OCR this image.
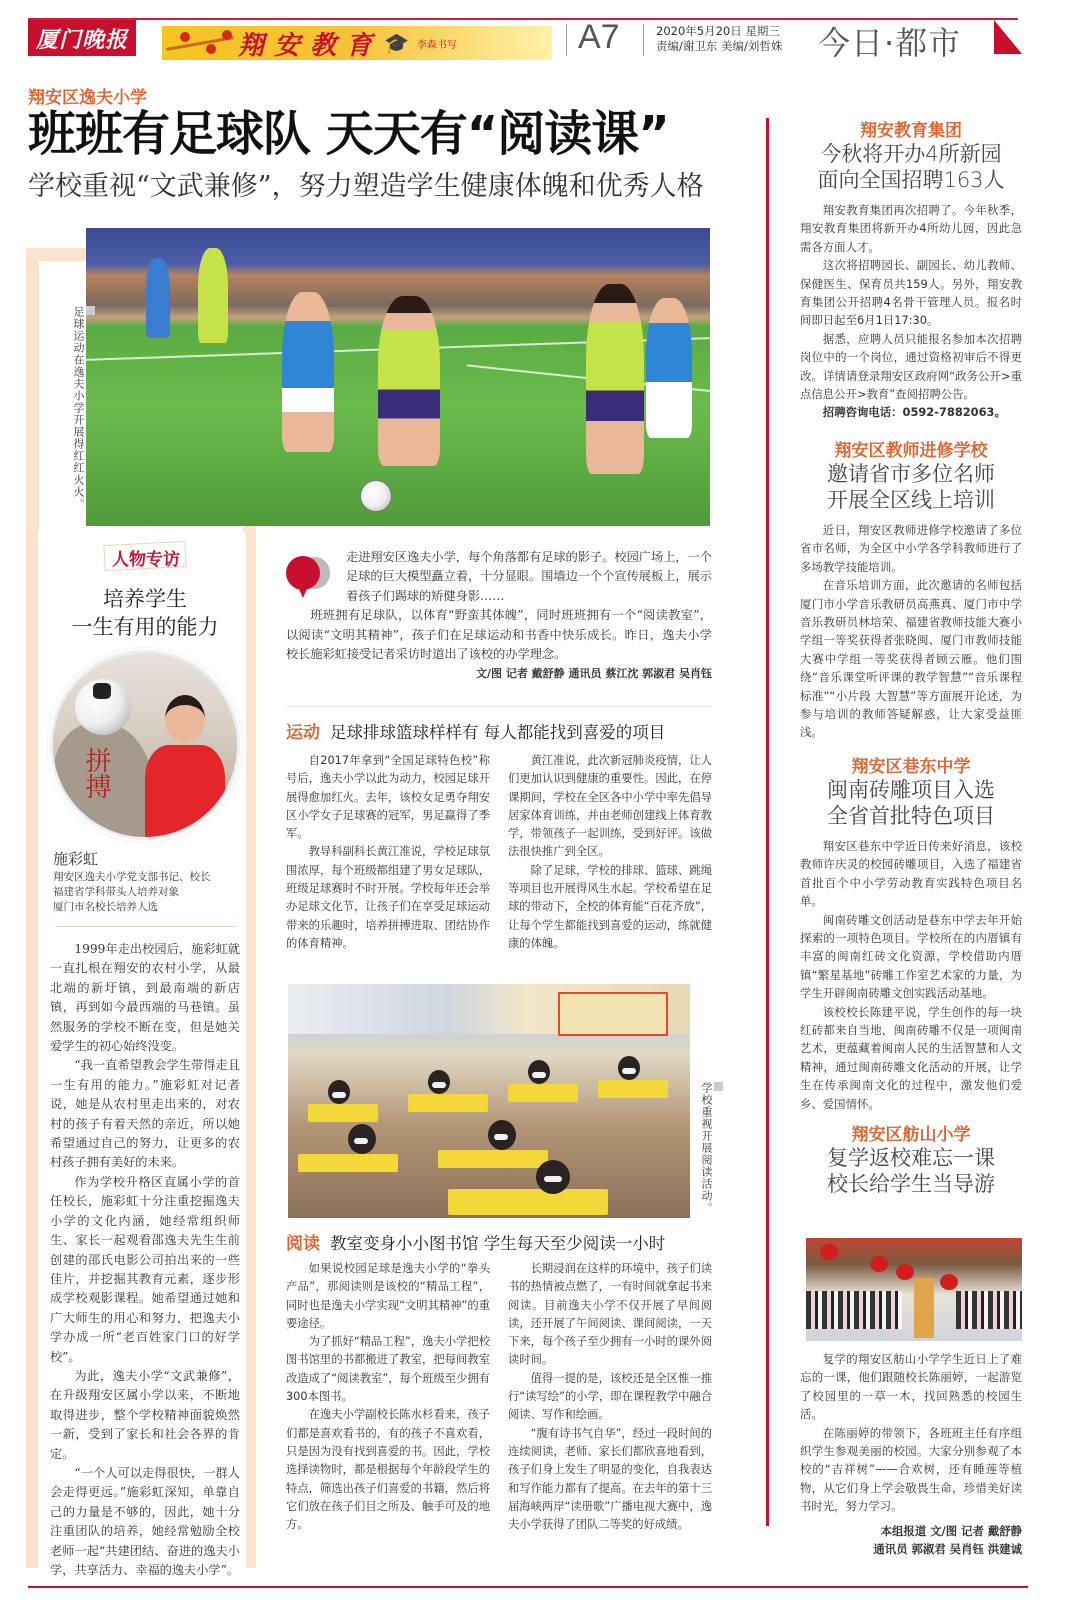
厦门晚报	翔安教育 🎓 李森书写	A7	2020年5月20日 星期三
责编/谢卫东 美编/刘哲姝 今日·都市
翔安区逸夫小学
班班有足球队 天天有“阅读课”
学校重视“文武兼修”，努力塑造学生健康体魄和优秀人格
足球运动在逸夫小学开展得红红火火。
人物专访
培养学生
一生有用的能力
拼搏
施彩虹
翔安区逸夫小学党支部书记、校长
福建省学科带头人培养对象
厦门市名校长培养人选

1999年走出校园后，施彩虹就一直扎根在翔安的农村小学，从最北端的新圩镇，到最南端的新店镇，再到如今最西端的马巷镇。虽然服务的学校不断在变，但是她关爱学生的初心始终没变。

“我一直希望教会学生带得走且一生有用的能力。”施彩虹对记者说，她是从农村里走出来的，对农村的孩子有着天然的亲近，所以她希望通过自己的努力，让更多的农村孩子拥有美好的未来。

作为学校升格区直属小学的首任校长，施彩虹十分注重挖掘逸夫小学的文化内涵，她经常组织师生、家长一起观看邵逸夫先生生前创建的邵氏电影公司拍出来的一些佳片，并挖掘其教育元素，逐步形成学校观影课程。她希望通过她和广大师生的用心和努力，把逸夫小学办成一所“老百姓家门口的好学校”。

为此，逸夫小学“文武兼修”，在升级翔安区属小学以来，不断地取得进步，整个学校精神面貌焕然一新，受到了家长和社会各界的肯定。

“一个人可以走得很快，一群人会走得更远。”施彩虹深知，单靠自己的力量是不够的，因此，她十分注重团队的培养，她经常勉励全校老师一起“共建团结、奋进的逸夫小学，共享活力、幸福的逸夫小学”。

走进翔安区逸夫小学，每个角落都有足球的影子。校园广场上，一个足球的巨大模型矗立着，十分显眼。围墙边一个个宣传展板上，展示着孩子们踢球的矫健身影……

班班拥有足球队，以体育“野蛮其体魄”，同时班班拥有一个“阅读教室”，以阅读“文明其精神”，孩子们在足球运动和书香中快乐成长。昨日，逸夫小学校长施彩虹接受记者采访时道出了该校的办学理念。
文/图 记者 戴舒静 通讯员 蔡江沈 郭淑君 吴肖钰

运动 足球排球篮球样样有 每人都能找到喜爱的项目

自2017年拿到“全国足球特色校”称号后，逸夫小学以此为动力，校园足球开展得愈加红火。去年，该校女足勇夺翔安区小学女子足球赛的冠军，男足赢得了季军。

教导科副科长黄江准说，学校足球氛围浓厚，每个班级都组建了男女足球队，班级足球赛时不时开展。学校每年还会举办足球文化节，让孩子们在享受足球运动带来的乐趣时，培养拼搏进取、团结协作的体育精神。

黄江准说，此次新冠肺炎疫情，让人们更加认识到健康的重要性。因此，在停课期间，学校在全区各中小学中率先倡导居家体育训练，并由老师创建线上体育教学，带领孩子一起训练，受到好评。该做法很快推广到全区。

除了足球，学校的排球、篮球、跳绳等项目也开展得风生水起。学校希望在足球的带动下，全校的体育能“百花齐放”，让每个学生都能找到喜爱的运动，练就健康的体魄。

学校重视开展阅读活动。
阅读 教室变身小小图书馆 学生每天至少阅读一小时

如果说校园足球是逸夫小学的“拳头产品”，那阅读则是该校的“精品工程”，同时也是逸夫小学实现“文明其精神”的重要途径。

为了抓好“精品工程”，逸夫小学把校图书馆里的书都搬进了教室，把每间教室改造成了“阅读教室”，每个班级至少拥有300本图书。

在逸夫小学副校长陈水杉看来，孩子们都是喜欢看书的，有的孩子不喜欢看，只是因为没有找到喜爱的书。因此，学校选择读物时，都是根据每个年龄段学生的特点，筛选出孩子们喜爱的书籍，然后将它们放在孩子们目之所及、触手可及的地方。

长期浸润在这样的环境中，孩子们读书的热情被点燃了，一有时间就拿起书来阅读。目前逸夫小学不仅开展了早间阅读，还开展了午间阅读、课间阅读，一天下来，每个孩子至少拥有一小时的课外阅读时间。

值得一提的是，该校还是全区惟一推行“读写绘”的小学，即在课程教学中融合阅读、写作和绘画。

“腹有诗书气自华”，经过一段时间的连续阅读，老师、家长们都欣喜地看到，孩子们身上发生了明显的变化，自我表达和写作能力都有了提高。在去年的第十三届海峡两岸“读册歌”广播电视大赛中，逸夫小学获得了团队二等奖的好成绩。

翔安教育集团
今秋将开办4所新园
面向全国招聘163人

翔安教育集团再次招聘了。今年秋季，翔安教育集团将新开办4所幼儿园，因此急需各方面人才。

这次将招聘园长、副园长、幼儿教师、保健医生、保育员共159人。另外，翔安教育集团公开招聘4名骨干管理人员。报名时间即日起至6月1日17:30。

据悉，应聘人员只能报名参加本次招聘岗位中的一个岗位，通过资格初审后不得更改。详情请登录翔安区政府网“政务公开>重点信息公开>教育”查阅招聘公告。

招聘咨询电话：0592-7882063。

翔安区教师进修学校
邀请省市多位名师
开展全区线上培训

近日，翔安区教师进修学校邀请了多位省市名师，为全区中小学各学科教师进行了多场教学技能培训。

在音乐培训方面，此次邀请的名师包括厦门市小学音乐教研员高燕真、厦门市中学音乐教研员林培荣、福建省教师技能大赛小学组一等奖获得者张晓闽、厦门市教师技能大赛中学组一等奖获得者顾云雁。他们围绕“音乐课堂听评课的教学智慧”“音乐课程标准”“小片段 大智慧”等方面展开论述，为参与培训的教师答疑解惑，让大家受益匪浅。

翔安区巷东中学
闽南砖雕项目入选
全省首批特色项目

翔安区巷东中学近日传来好消息，该校教师许庆灵的校园砖雕项目，入选了福建省首批百个中小学劳动教育实践特色项目名单。

闽南砖雕文创活动是巷东中学去年开始探索的一项特色项目。学校所在的内厝镇有丰富的闽南红砖文化资源，学校借助内厝镇“繁星基地”砖雕工作室艺术家的力量，为学生开辟闽南砖雕文创实践活动基地。

该校校长陈建平说，学生创作的每一块红砖都来自当地，闽南砖雕不仅是一项闽南艺术，更蕴藏着闽南人民的生活智慧和人文精神，通过闽南砖雕文化活动的开展，让学生在传承闽南文化的过程中，激发他们爱乡、爱国情怀。

翔安区舫山小学
复学返校难忘一课
校长给学生当导游

复学的翔安区舫山小学学生近日上了难忘的一课，他们跟随校长陈丽婷，一起游览了校园里的一草一木，找回熟悉的校园生活。

在陈丽婷的带领下，各班班主任有序组织学生参观美丽的校园。大家分别参观了本校的“吉祥树”——合欢树，还有睡莲等植物，从它们身上学会敬畏生命，珍惜美好读书时光，努力学习。

本组报道 文/图 记者 戴舒静

通讯员 郭淑君 吴肖钰 洪建诚
